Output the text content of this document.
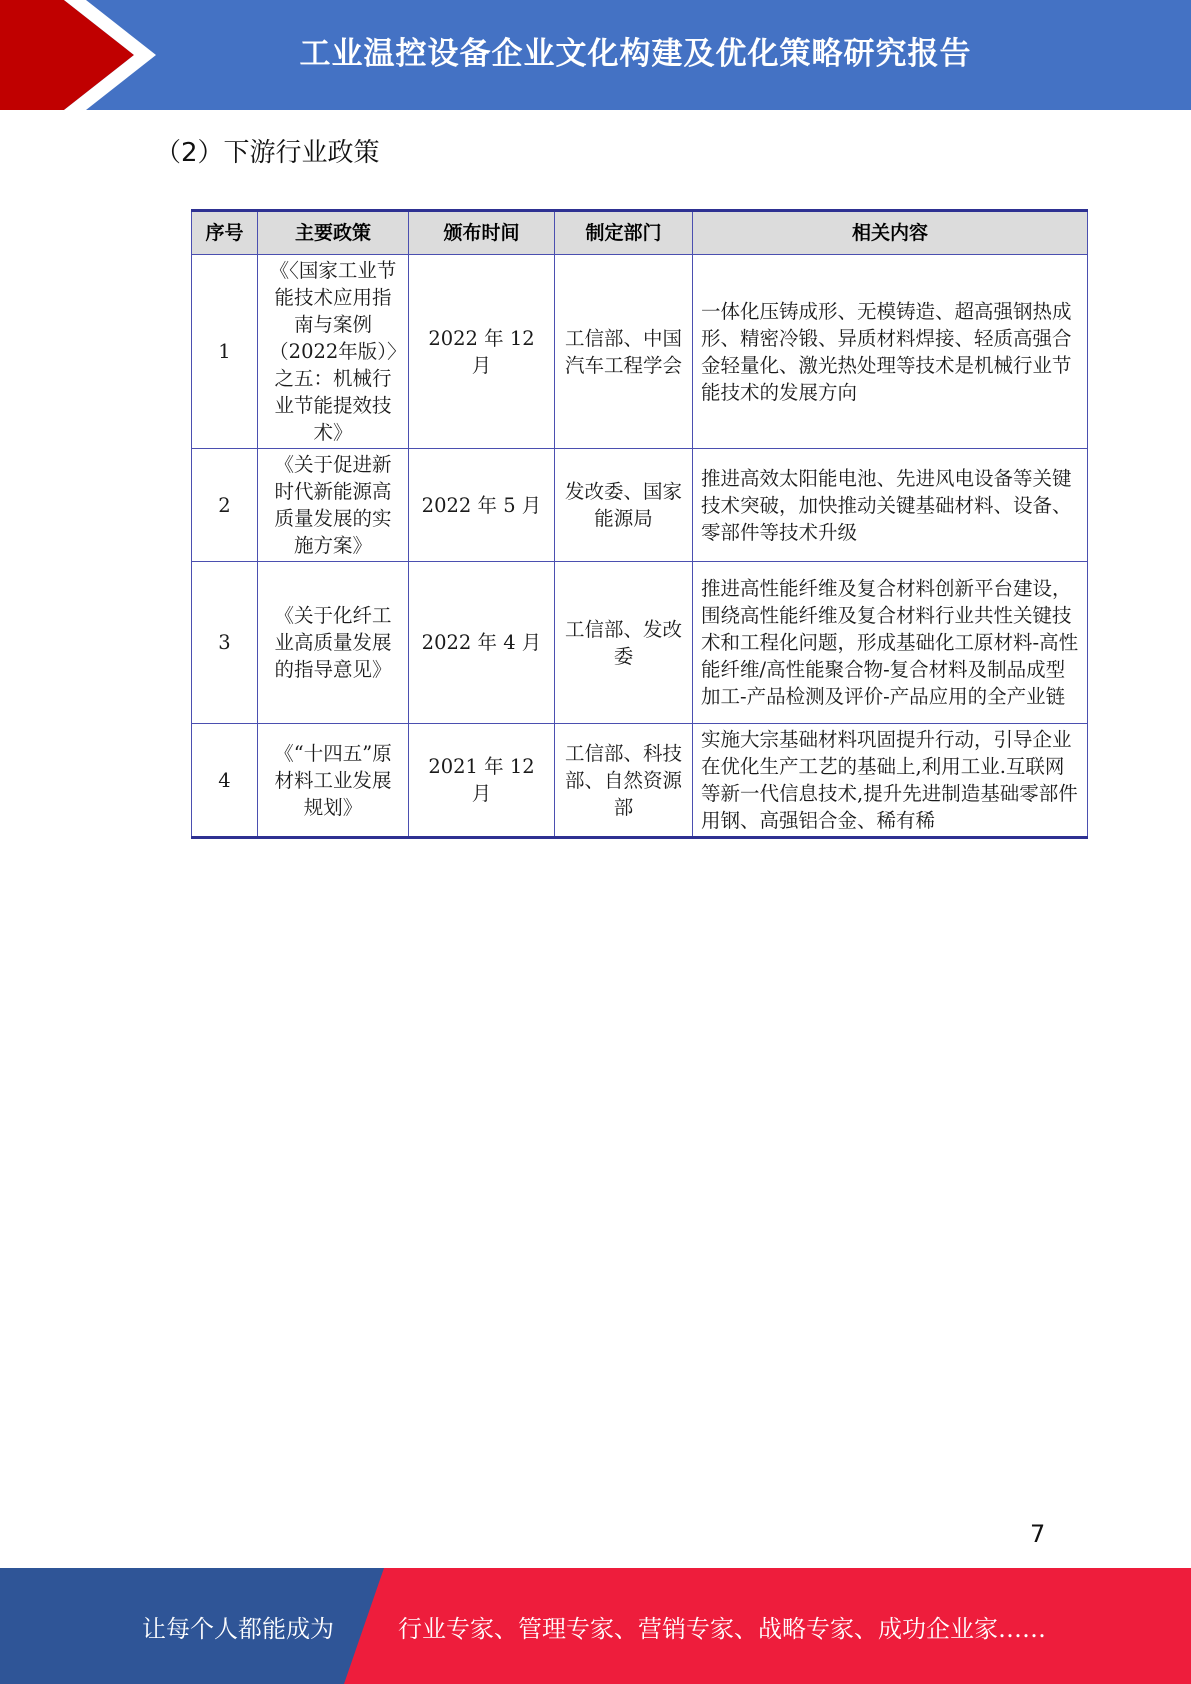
工业温控设备企业文化构建及优化策略研究报告
（2）下游行业政策
序号	主要政策	颁布时间	制定部门	相关内容
1	《〈国家工业节能技术应用指南与案例（2022年版）〉之五：机械行业节能提效技术》	2022 年 12 月	工信部、中国汽车工程学会	一体化压铸成形、无模铸造、超高强钢热成形、精密冷锻、异质材料焊接、轻质高强合金轻量化、激光热处理等技术是机械行业节能技术的发展方向
2	《关于促进新时代新能源高质量发展的实施方案》	2022 年 5 月	发改委、国家能源局	推进高效太阳能电池、先进风电设备等关键技术突破，加快推动关键基础材料、设备、零部件等技术升级
3	《关于化纤工业高质量发展的指导意见》	2022 年 4 月	工信部、发改委	推进高性能纤维及复合材料创新平台建设，围绕高性能纤维及复合材料行业共性关键技术和工程化问题，形成基础化工原材料-高性能纤维/高性能聚合物-复合材料及制品成型加工-产品检测及评价-产品应用的全产业链
4	《“十四五”原材料工业发展规划》	2021 年 12 月	工信部、科技部、自然资源部	实施大宗基础材料巩固提升行动，引导企业在优化生产工艺的基础上,利用工业.互联网等新一代信息技术,提升先进制造基础零部件用钢、高强铝合金、稀有稀
7
让每个人都能成为	行业专家、管理专家、营销专家、战略专家、成功企业家……
